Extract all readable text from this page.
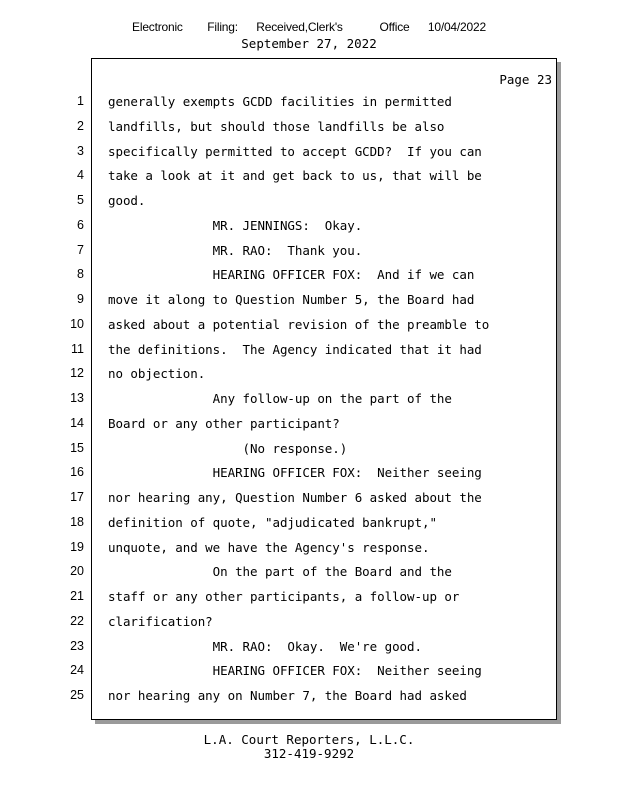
Electronic    Filing:   Received,Clerk's      Office   10/04/2022
September 27, 2022
Page 23
1 generally exempts GCDD facilities in permitted
2 landfills, but should those landfills be also
3 specifically permitted to accept GCDD?  If you can
4 take a look at it and get back to us, that will be
5 good.
6 MR. JENNINGS:  Okay.
7 MR. RAO:  Thank you.
8 HEARING OFFICER FOX:  And if we can
9 move it along to Question Number 5, the Board had
10 asked about a potential revision of the preamble to
11 the definitions.  The Agency indicated that it had
12 no objection.
13 Any follow-up on the part of the
14 Board or any other participant?
15 (No response.)
16 HEARING OFFICER FOX:  Neither seeing
17 nor hearing any, Question Number 6 asked about the
18 definition of quote, "adjudicated bankrupt,"
19 unquote, and we have the Agency's response.
20 On the part of the Board and the
21 staff or any other participants, a follow-up or
22 clarification?
23 MR. RAO:  Okay.  We're good.
24 HEARING OFFICER FOX:  Neither seeing
25 nor hearing any on Number 7, the Board had asked
L.A. Court Reporters, L.L.C.
312-419-9292
